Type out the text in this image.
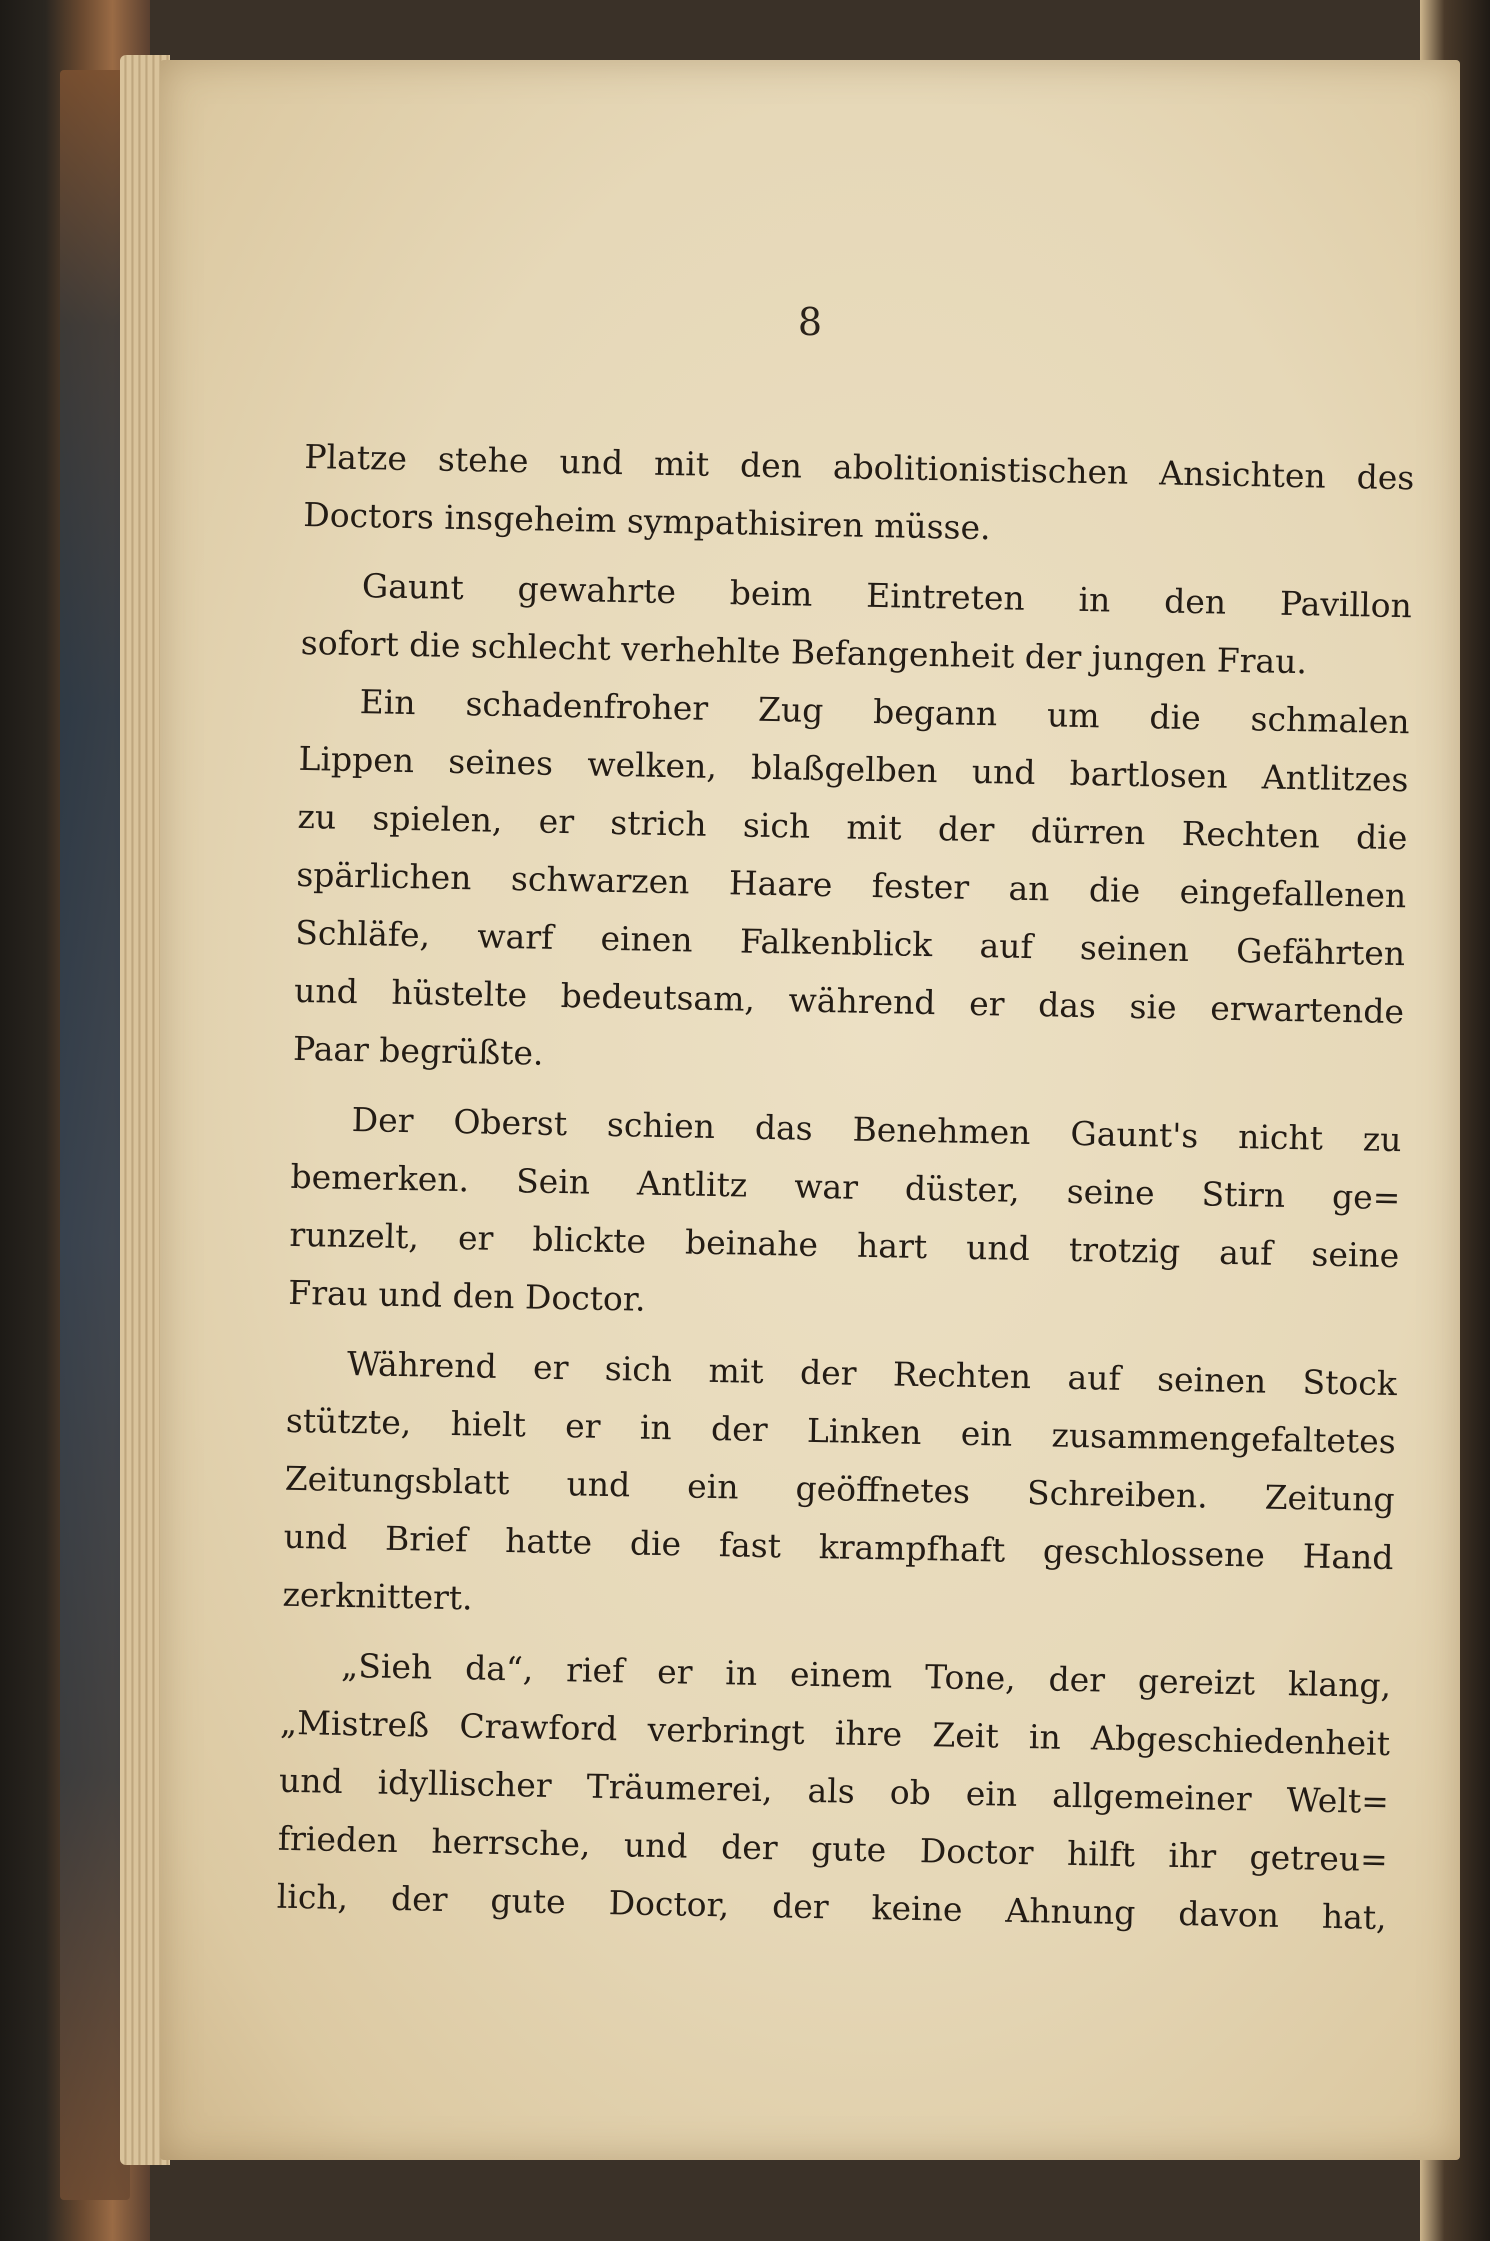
8
Platze stehe und mit den abolitionistischen Ansichten des
Doctors insgeheim sympathisiren müsse.
Gaunt gewahrte beim Eintreten in den Pavillon
sofort die schlecht verhehlte Befangenheit der jungen Frau.
Ein schadenfroher Zug begann um die schmalen
Lippen seines welken, blaßgelben und bartlosen Antlitzes
zu spielen, er strich sich mit der dürren Rechten die
spärlichen schwarzen Haare fester an die eingefallenen
Schläfe, warf einen Falkenblick auf seinen Gefährten
und hüstelte bedeutsam, während er das sie erwartende
Paar begrüßte.
Der Oberst schien das Benehmen Gaunt's nicht zu
bemerken. Sein Antlitz war düster, seine Stirn ge=
runzelt, er blickte beinahe hart und trotzig auf seine
Frau und den Doctor.
Während er sich mit der Rechten auf seinen Stock
stützte, hielt er in der Linken ein zusammengefaltetes
Zeitungsblatt und ein geöffnetes Schreiben. Zeitung
und Brief hatte die fast krampfhaft geschlossene Hand
zerknittert.
„Sieh da“, rief er in einem Tone, der gereizt klang,
„Mistreß Crawford verbringt ihre Zeit in Abgeschiedenheit
und idyllischer Träumerei, als ob ein allgemeiner Welt=
frieden herrsche, und der gute Doctor hilft ihr getreu=
lich, der gute Doctor, der keine Ahnung davon hat,
